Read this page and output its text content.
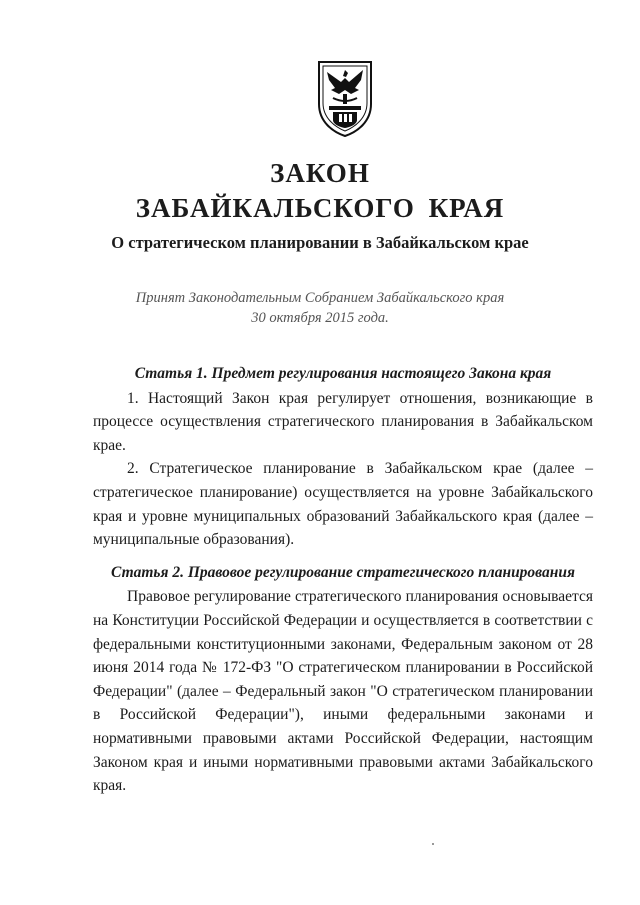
ЗАКОН
ЗАБАЙКАЛЬСКОГО КРАЯ
О стратегическом планировании в Забайкальском крае
Принят Законодательным Собранием Забайкальского края
30 октября 2015 года.

Статья 1. Предмет регулирования настоящего Закона края

1. Настоящий Закон края регулирует отношения, возникающие в процессе осуществления стратегического планирования в Забайкальском крае.

2. Стратегическое планирование в Забайкальском крае (далее – стратегическое планирование) осуществляется на уровне Забайкальского края и уровне муниципальных образований Забайкальского края (далее – муниципальные образования).

Статья 2. Правовое регулирование стратегического планирования

Правовое регулирование стратегического планирования основывается на Конституции Российской Федерации и осуществляется в соответствии с федеральными конституционными законами, Федеральным законом от 28 июня 2014 года № 172-ФЗ "О стратегическом планировании в Российской Федерации" (далее – Федеральный закон "О стратегическом планировании в Российской Федерации"), иными федеральными законами и нормативными правовыми актами Российской Федерации, настоящим Законом края и иными нормативными правовыми актами Забайкальского края.
